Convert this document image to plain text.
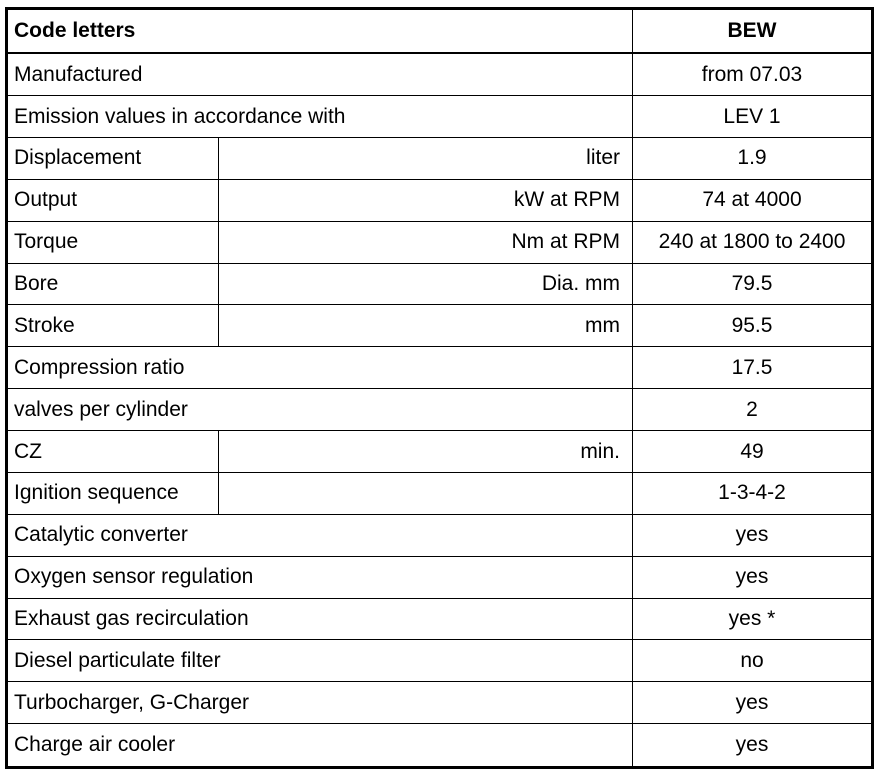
Code letters		BEW
Manufactured		from 07.03
Emission values in accordance with		LEV 1
Displacement	liter	1.9
Output	kW at RPM	74 at 4000
Torque	Nm at RPM	240 at 1800 to 2400
Bore	Dia. mm	79.5
Stroke	mm	95.5
Compression ratio		17.5
valves per cylinder		2
CZ	min.	49
Ignition sequence		1-3-4-2
Catalytic converter		yes
Oxygen sensor regulation		yes
Exhaust gas recirculation		yes *
Diesel particulate filter		no
Turbocharger, G-Charger		yes
Charge air cooler		yes
